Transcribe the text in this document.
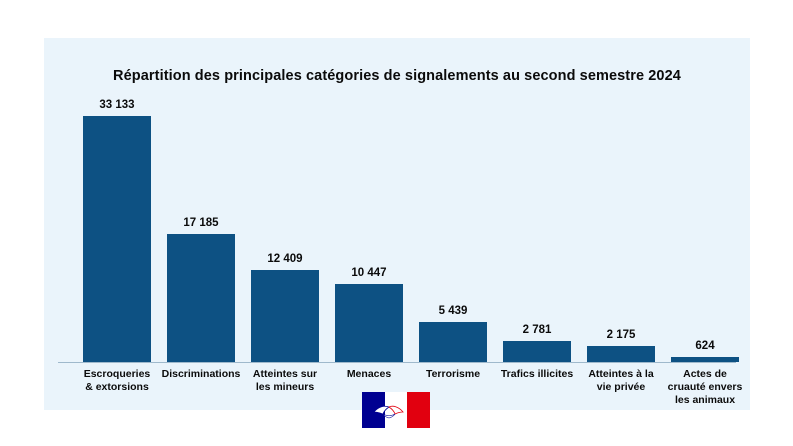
Répartition des principales catégories de signalements au second semestre 2024
33 133
17 185
12 409
10 447
5 439
2 781	2 175
624
Escroqueries
& extorsions
Discriminations	Atteintes sur
les mineurs
Menaces	Terrorisme	Trafics illicites	Atteintes à la
vie privée
Actes de
cruauté envers
les animaux
